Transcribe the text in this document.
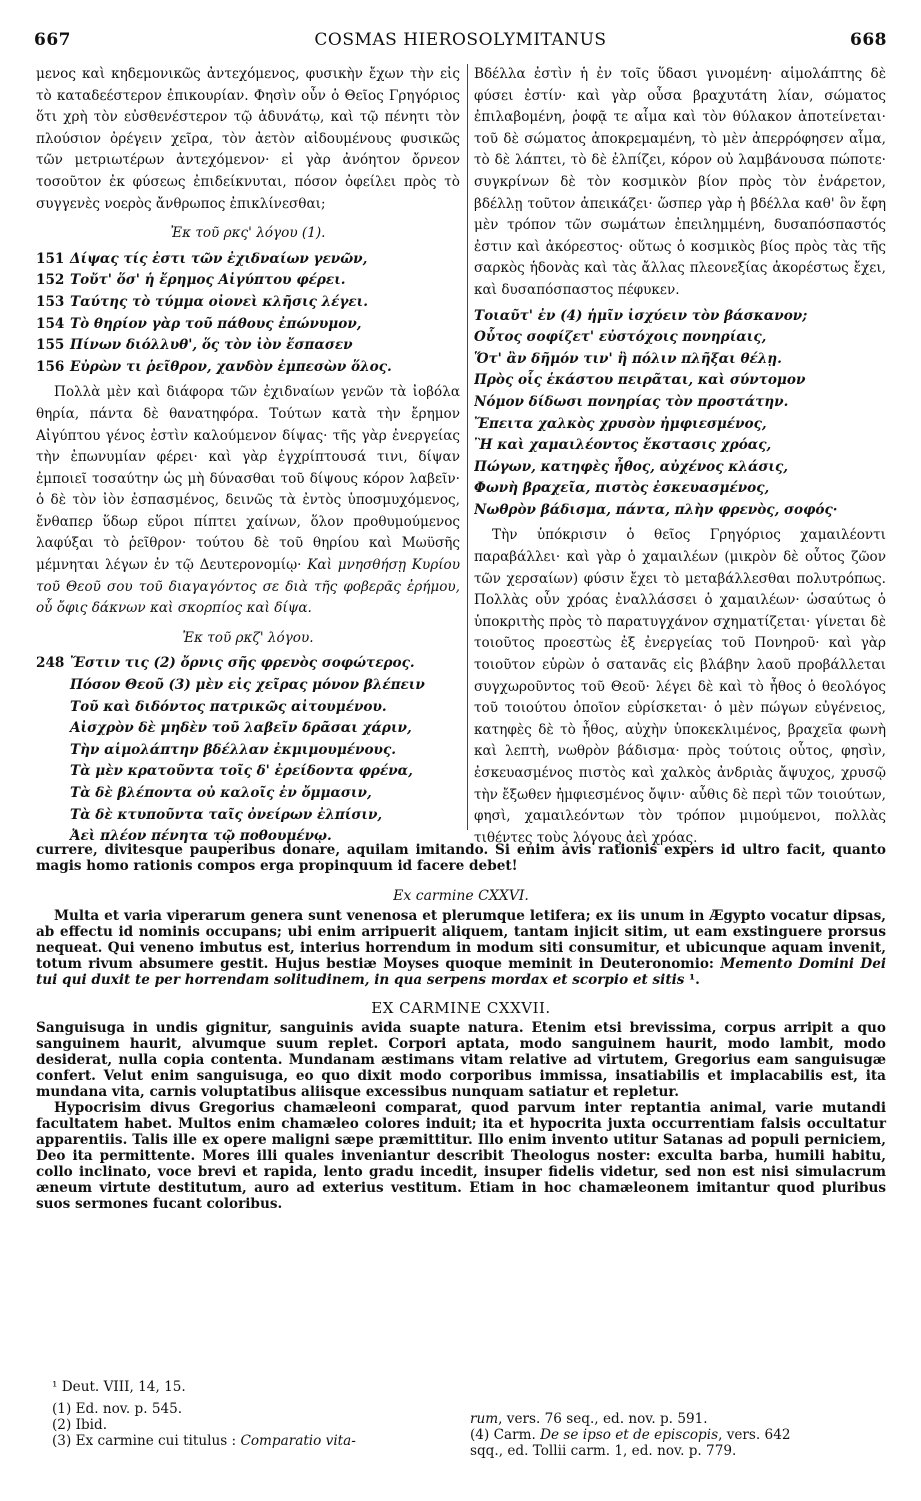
667	COSMAS HIEROSOLYMITANUS	668

μενος καὶ κηδεμονικῶς ἀντεχόμενος, φυσικὴν ἔχων τὴν εἰς τὸ καταδεέστερον ἐπικουρίαν. Φησὶν οὖν ὁ Θεῖος Γρηγόριος ὅτι χρὴ τὸν εὐσθενέστερον τῷ ἀδυνάτῳ, καὶ τῷ πένητι τὸν πλούσιον ὀρέγειν χεῖρα, τὸν ἀετὸν αἰδουμένους φυσικῶς τῶν μετριωτέρων ἀντεχόμενον· εἰ γὰρ ἀνόητον ὄρνεον τοσοῦτον ἐκ φύσεως ἐπιδείκνυται, πόσον ὀφείλει πρὸς τὸ συγγενὲς νοερὸς ἄνθρωπος ἐπικλίνεσθαι;

Ἐκ τοῦ ρκς' λόγου (1).

151 Δίψας τίς ἐστι τῶν ἐχιδναίων γενῶν,

152 Τοὔτ' ὅσ' ἡ ἔρημος Αἰγύπτου φέρει.

153 Ταύτης τὸ τύμμα οἰονεὶ κλῆσις λέγει.

154 Τὸ θηρίον γὰρ τοῦ πάθους ἐπώνυμον,

155 Πίνων διόλλυθ', ὅς τὸν ἰὸν ἔσπασεν

156 Εὐρὼν τι ῥεῖθρον, χανδὸν ἐμπεσὼν ὅλος.

Πολλὰ μὲν καὶ διάφορα τῶν ἐχιδναίων γενῶν τὰ ἰοβόλα θηρία, πάντα δὲ θανατηφόρα. Τούτων κατὰ τὴν ἔρημον Αἰγύπτου γένος ἐστὶν καλούμενον δίψας· τῆς γὰρ ἐνεργείας τὴν ἐπωνυμίαν φέρει· καὶ γὰρ ἐγχρίπτουσά τινι, δίψαν ἐμποιεῖ τοσαύτην ὡς μὴ δύνασθαι τοῦ δίψους κόρον λαβεῖν· ὁ δὲ τὸν ἰὸν ἐσπασμένος, δεινῶς τὰ ἐντὸς ὑποσμυχόμενος, ἔνθαπερ ὕδωρ εὕροι πίπτει χαίνων, ὅλον προθυμούμενος λαφύξαι τὸ ῥεῖθρον· τούτου δὲ τοῦ θηρίου καὶ Μωϋσῆς μέμνηται λέγων ἐν τῷ Δευτερονομίῳ· Καὶ μνησθήσῃ Κυρίου τοῦ Θεοῦ σου τοῦ διαγαγόντος σε διὰ τῆς φοβερᾶς ἐρήμου, οὗ ὄφις δάκνων καὶ σκορπίος καὶ δίψα.

Ἐκ τοῦ ρκζ' λόγου.

248 Ἔστιν τις (2) ὄρνις σῆς φρενὸς σοφώτερος.

Πόσον Θεοῦ (3) μὲν εἰς χεῖρας μόνον βλέπειν

Τοῦ καὶ διδόντος πατρικῶς αἰτουμένου.

Αἰσχρὸν δὲ μηδὲν τοῦ λαβεῖν δρᾶσαι χάριν,

Τὴν αἱμολάπτην βδέλλαν ἐκμιμουμένους.

Τὰ μὲν κρατοῦντα τοῖς δ' ἐρείδοντα φρένα,

Τὰ δὲ βλέποντα οὐ καλοῖς ἐν ὄμμασιν,

Τὰ δὲ κτυποῦντα ταῖς ὀνείρων ἐλπίσιν,

Ἀεὶ πλέον πένητα τῷ ποθουμένῳ.

Βδέλλα ἐστὶν ἡ ἐν τοῖς ὕδασι γινομένη· αἱμολάπτης δὲ φύσει ἐστίν· καὶ γὰρ οὖσα βραχυτάτη λίαν, σώματος ἐπιλαβομένη, ῥοφᾷ τε αἷμα καὶ τὸν θύλακον ἀποτείνεται· τοῦ δὲ σώματος ἀποκρεμαμένη, τὸ μὲν ἀπερρόφησεν αἷμα, τὸ δὲ λάπτει, τὸ δὲ ἐλπίζει, κόρον οὐ λαμβάνουσα πώποτε· συγκρίνων δὲ τὸν κοσμικὸν βίον πρὸς τὸν ἐνάρετον, βδέλλῃ τοῦτον ἀπεικάζει· ὥσπερ γὰρ ἡ βδέλλα καθ' ὃν ἔφη μὲν τρόπον τῶν σωμάτων ἐπειλημμένη, δυσαπόσπαστός ἐστιν καὶ ἀκόρεστος· οὕτως ὁ κοσμικὸς βίος πρὸς τὰς τῆς σαρκὸς ἡδονὰς καὶ τὰς ἄλλας πλεονεξίας ἀκορέστως ἔχει, καὶ δυσαπόσπαστος πέφυκεν.

Τοιαῦτ' ἐν (4) ἡμῖν ἰσχύειν τὸν βάσκανον;

Οὗτος σοφίζετ' εὐστόχοις πονηρίαις,

Ὅτ' ἂν δῆμόν τιν' ἢ πόλιν πλῆξαι θέλῃ.

Πρὸς οἷς ἑκάστου πειρᾶται, καὶ σύντομον

Νόμον δίδωσι πονηρίας τὸν προστάτην.

Ἔπειτα χαλκὸς χρυσὸν ἠμφιεσμένος,

Ἢ καὶ χαμαιλέοντος ἔκστασις χρόας,

Πώγων, κατηφὲς ἦθος, αὐχένος κλάσις,

Φωνὴ βραχεῖα, πιστὸς ἐσκευασμένος,

Νωθρὸν βάδισμα, πάντα, πλὴν φρενὸς, σοφός·

Τὴν ὑπόκρισιν ὁ θεῖος Γρηγόριος χαμαιλέοντι παραβάλλει· καὶ γὰρ ὁ χαμαιλέων (μικρὸν δὲ οὗτος ζῶον τῶν χερσαίων) φύσιν ἔχει τὸ μεταβάλλεσθαι πολυτρόπως. Πολλὰς οὖν χρόας ἐναλλάσσει ὁ χαμαιλέων· ὡσαύτως ὁ ὑποκριτὴς πρὸς τὸ παρατυγχάνον σχηματίζεται· γίνεται δὲ τοιοῦτος προεστὼς ἐξ ἐνεργείας τοῦ Πονηροῦ· καὶ γὰρ τοιοῦτον εὑρὼν ὁ σατανᾶς εἰς βλάβην λαοῦ προβάλλεται συγχωροῦντος τοῦ Θεοῦ· λέγει δὲ καὶ τὸ ἦθος ὁ θεολόγος τοῦ τοιούτου ὁποῖον εὑρίσκεται· ὁ μὲν πώγων εὐγένειος, κατηφὲς δὲ τὸ ἦθος, αὐχὴν ὑποκεκλιμένος, βραχεῖα φωνὴ καὶ λεπτὴ, νωθρὸν βάδισμα· πρὸς τούτοις οὗτος, φησὶν, ἐσκευασμένος πιστὸς καὶ χαλκὸς ἀνδριὰς ἄψυχος, χρυσῷ τὴν ἔξωθεν ἠμφιεσμένος ὄψιν· αὖθις δὲ περὶ τῶν τοιούτων, φησὶ, χαμαιλεόντων τὸν τρόπον μιμούμενοι, πολλὰς τιθέντες τοὺς λόγους ἀεὶ χρόας.

currere, divitesque pauperibus donare, aquilam imitando. Si enim avis rationis expers id ultro facit, quanto magis homo rationis compos erga propinquum id facere debet!

Ex carmine CXXVI.

Multa et varia viperarum genera sunt venenosa et plerumque letifera; ex iis unum in Ægypto vocatur dipsas, ab effectu id nominis occupans; ubi enim arripuerit aliquem, tantam injicit sitim, ut eam exstinguere prorsus nequeat. Qui veneno imbutus est, interius horrendum in modum siti consumitur, et ubicunque aquam invenit, totum rivum absumere gestit. Hujus bestiæ Moyses quoque meminit in Deuteronomio: Memento Domini Dei tui qui duxit te per horrendam solitudinem, in qua serpens mordax et scorpio et sitis ¹.

EX CARMINE CXXVII.

Sanguisuga in undis gignitur, sanguinis avida suapte natura. Etenim etsi brevissima, corpus arripit a quo sanguinem haurit, alvumque suum replet. Corpori aptata, modo sanguinem haurit, modo lambit, modo desiderat, nulla copia contenta. Mundanam æstimans vitam relative ad virtutem, Gregorius eam sanguisugæ confert. Velut enim sanguisuga, eo quo dixit modo corporibus immissa, insatiabilis et implacabilis est, ita mundana vita, carnis voluptatibus aliisque excessibus nunquam satiatur et repletur.

Hypocrisim divus Gregorius chamæleoni comparat, quod parvum inter reptantia animal, varie mutandi facultatem habet. Multos enim chamæleo colores induit; ita et hypocrita juxta occurrentiam falsis occultatur apparentiis. Talis ille ex opere maligni sæpe præmittitur. Illo enim invento utitur Satanas ad populi perniciem, Deo ita permittente. Mores illi quales inveniantur describit Theologus noster: exculta barba, humili habitu, collo inclinato, voce brevi et rapida, lento gradu incedit, insuper fidelis videtur, sed non est nisi simulacrum æneum virtute destitutum, auro ad exterius vestitum. Etiam in hoc chamæleonem imitantur quod pluribus suos sermones fucant coloribus.

¹ Deut. VIII, 14, 15.

(1) Ed. nov. p. 545.

(2) Ibid.

(3) Ex carmine cui titulus : Comparatio vita-

rum, vers. 76 seq., ed. nov. p. 591.

(4) Carm. De se ipso et de episcopis, vers. 642

sqq., ed. Tollii carm. 1, ed. nov. p. 779.
